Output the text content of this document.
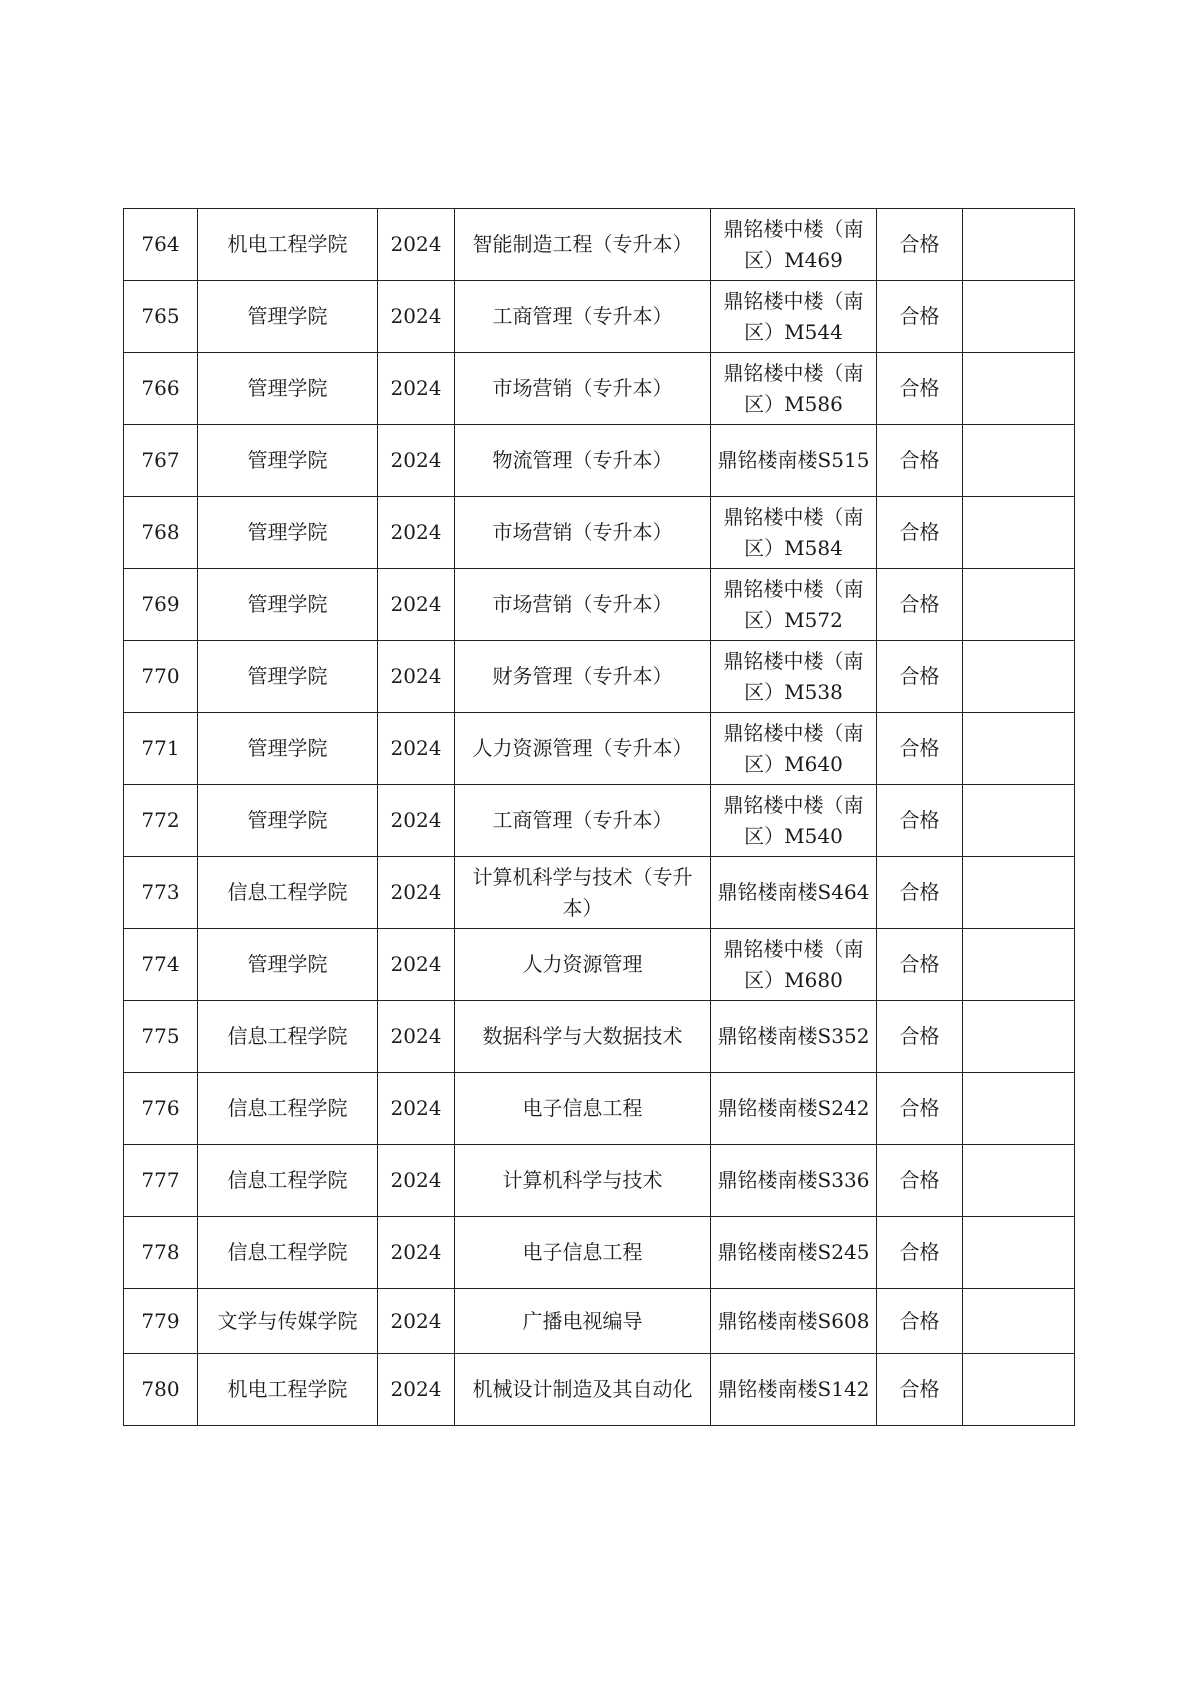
764	机电工程学院	2024	智能制造工程（专升本）	鼎铭楼中楼（南区）M469	合格	
765	管理学院	2024	工商管理（专升本）	鼎铭楼中楼（南区）M544	合格	
766	管理学院	2024	市场营销（专升本）	鼎铭楼中楼（南区）M586	合格	
767	管理学院	2024	物流管理（专升本）	鼎铭楼南楼S515	合格	
768	管理学院	2024	市场营销（专升本）	鼎铭楼中楼（南区）M584	合格	
769	管理学院	2024	市场营销（专升本）	鼎铭楼中楼（南区）M572	合格	
770	管理学院	2024	财务管理（专升本）	鼎铭楼中楼（南区）M538	合格	
771	管理学院	2024	人力资源管理（专升本）	鼎铭楼中楼（南区）M640	合格	
772	管理学院	2024	工商管理（专升本）	鼎铭楼中楼（南区）M540	合格	
773	信息工程学院	2024	计算机科学与技术（专升本）	鼎铭楼南楼S464	合格	
774	管理学院	2024	人力资源管理	鼎铭楼中楼（南区）M680	合格	
775	信息工程学院	2024	数据科学与大数据技术	鼎铭楼南楼S352	合格	
776	信息工程学院	2024	电子信息工程	鼎铭楼南楼S242	合格	
777	信息工程学院	2024	计算机科学与技术	鼎铭楼南楼S336	合格	
778	信息工程学院	2024	电子信息工程	鼎铭楼南楼S245	合格	
779	文学与传媒学院	2024	广播电视编导	鼎铭楼南楼S608	合格	
780	机电工程学院	2024	机械设计制造及其自动化	鼎铭楼南楼S142	合格	
